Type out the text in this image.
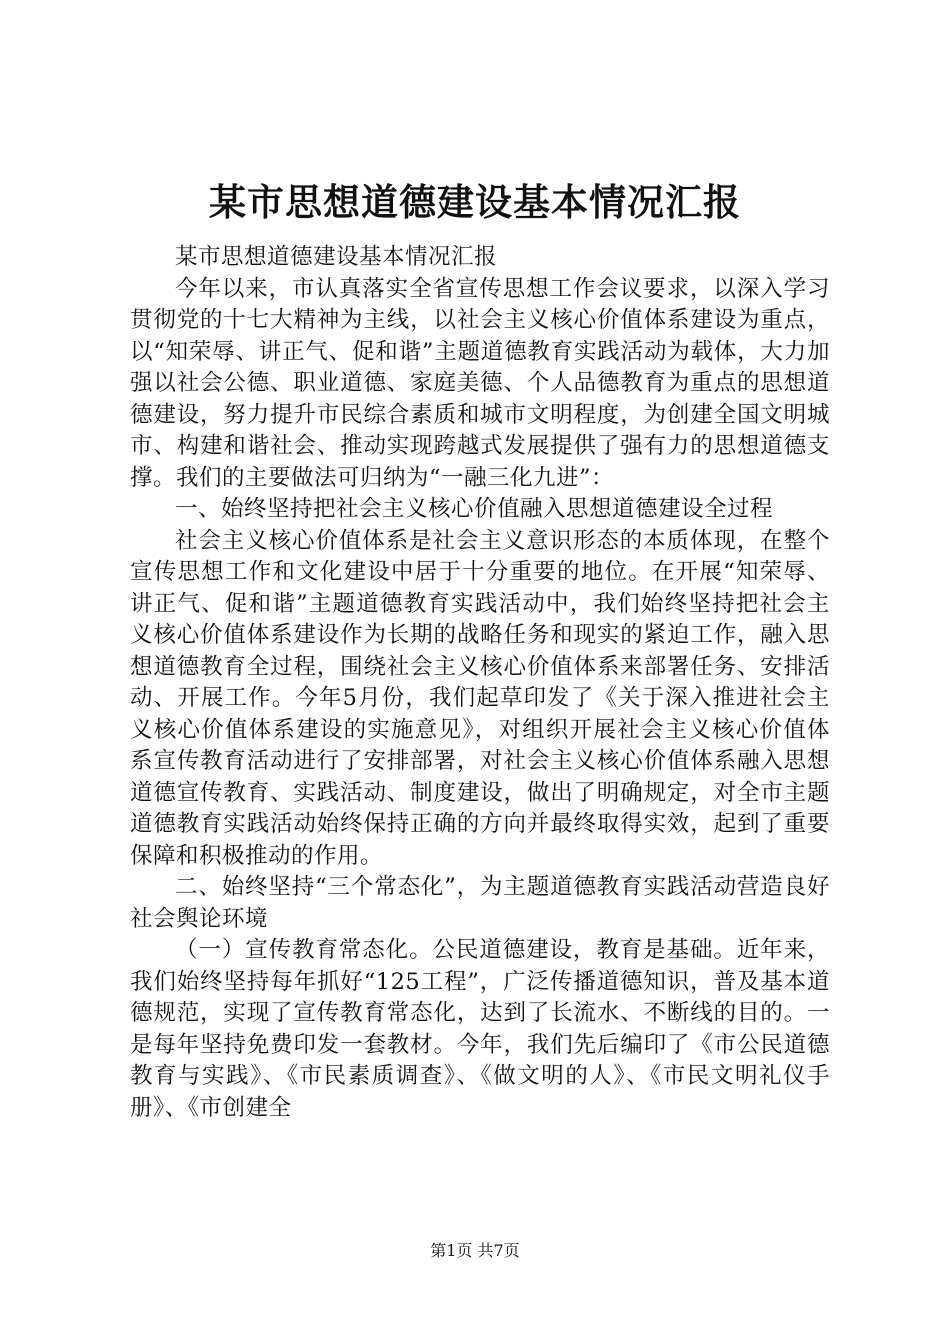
某市思想道德建设基本情况汇报

某市思想道德建设基本情况汇报

今年以来，市认真落实全省宣传思想工作会议要求，以深入学习贯彻党的十七大精神为主线，以社会主义核心价值体系建设为重点，以“知荣辱、讲正气、促和谐”主题道德教育实践活动为载体，大力加强以社会公德、职业道德、家庭美德、个人品德教育为重点的思想道德建设，努力提升市民综合素质和城市文明程度，为创建全国文明城市、构建和谐社会、推动实现跨越式发展提供了强有力的思想道德支撑。我们的主要做法可归纳为“一融三化九进”：

一、始终坚持把社会主义核心价值融入思想道德建设全过程

社会主义核心价值体系是社会主义意识形态的本质体现，在整个宣传思想工作和文化建设中居于十分重要的地位。在开展“知荣辱、讲正气、促和谐”主题道德教育实践活动中，我们始终坚持把社会主义核心价值体系建设作为长期的战略任务和现实的紧迫工作，融入思想道德教育全过程，围绕社会主义核心价值体系来部署任务、安排活动、开展工作。今年5月份，我们起草印发了《关于深入推进社会主义核心价值体系建设的实施意见》，对组织开展社会主义核心价值体系宣传教育活动进行了安排部署，对社会主义核心价值体系融入思想道德宣传教育、实践活动、制度建设，做出了明确规定，对全市主题道德教育实践活动始终保持正确的方向并最终取得实效，起到了重要保障和积极推动的作用。

二、始终坚持“三个常态化”，为主题道德教育实践活动营造良好社会舆论环境

（一）宣传教育常态化。公民道德建设，教育是基础。近年来，我们始终坚持每年抓好“125工程”，广泛传播道德知识，普及基本道德规范，实现了宣传教育常态化，达到了长流水、不断线的目的。一是每年坚持免费印发一套教材。今年，我们先后编印了《市公民道德教育与实践》、《市民素质调查》、《做文明的人》、《市民文明礼仪手册》、《市创建全

第1页 共7页
